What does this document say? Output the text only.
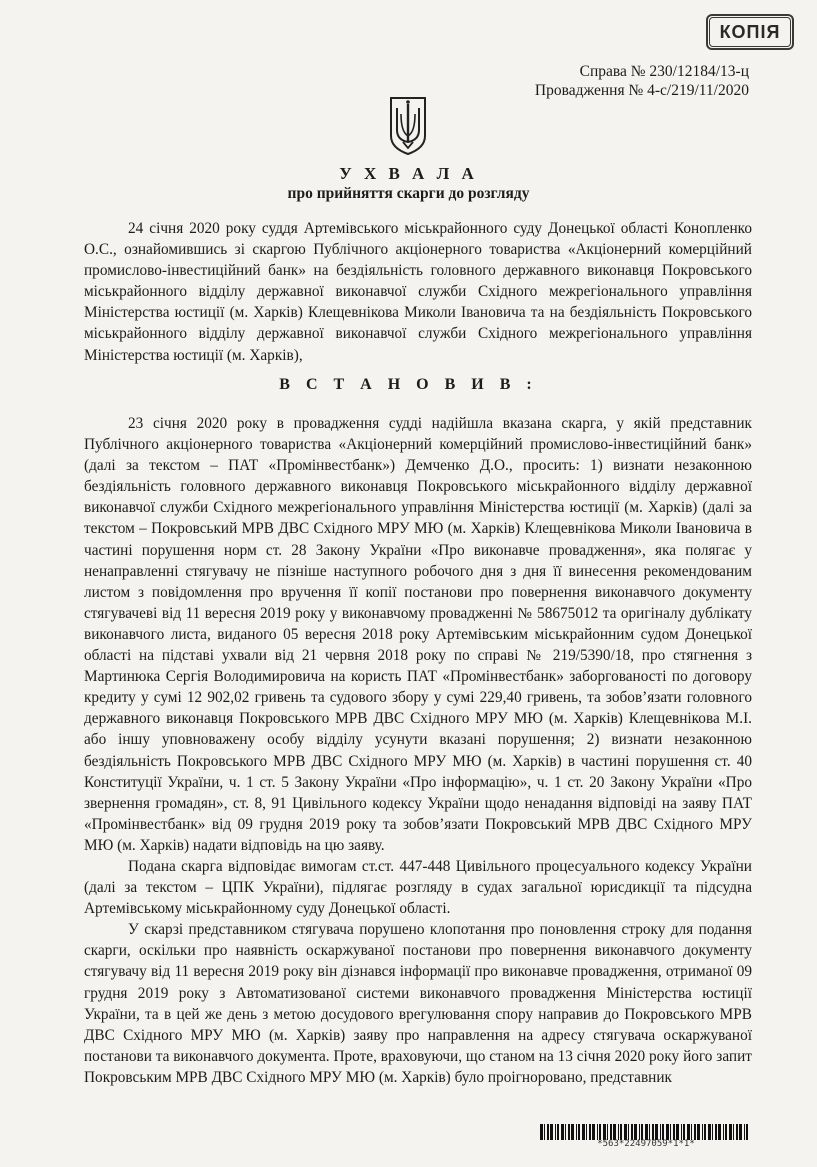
КОПІЯ
Справа № 230/12184/13-ц
Провадження № 4-с/219/11/2020
У Х В А Л А
про прийняття скарги до розгляду

24 січня 2020 року суддя Артемівського міськрайонного суду Донецької області Конопленко О.С., ознайомившись зі скаргою Публічного акціонерного товариства «Акціонерний комерційний промислово-інвестиційний банк» на бездіяльність головного державного виконавця Покровського міськрайонного відділу державної виконавчої служби Східного межрегіонального управління Міністерства юстиції (м. Харків) Клещевнікова Миколи Івановича та на бездіяльність Покровського міськрайонного відділу державної виконавчої служби Східного межрегіонального управління Міністерства юстиції (м. Харків),

В С Т А Н О В И В :

23 січня 2020 року в провадження судді надійшла вказана скарга, у якій представник Публічного акціонерного товариства «Акціонерний комерційний промислово-інвестиційний банк» (далі за текстом – ПАТ «Промінвестбанк») Демченко Д.О., просить: 1) визнати незаконною бездіяльність головного державного виконавця Покровського міськрайонного відділу державної виконавчої служби Східного межрегіонального управління Міністерства юстиції (м. Харків) (далі за текстом – Покровський МРВ ДВС Східного МРУ МЮ (м. Харків) Клещевнікова Миколи Івановича в частині порушення норм ст. 28 Закону України «Про виконавче провадження», яка полягає у ненаправленні стягувачу не пізніше наступного робочого дня з дня її винесення рекомендованим листом з повідомлення про вручення її копії постанови про повернення виконавчого документу стягувачеві від 11 вересня 2019 року у виконавчому провадженні № 58675012 та оригіналу дублікату виконавчого листа, виданого 05 вересня 2018 року Артемівським міськрайонним судом Донецької області на підставі ухвали від 21 червня 2018 року по справі № 219/5390/18, про стягнення з Мартинюка Сергія Володимировича на користь ПАТ «Промінвестбанк» заборгованості по договору кредиту у сумі 12 902,02 гривень та судового збору у сумі 229,40 гривень, та зобов’язати головного державного виконавця Покровського МРВ ДВС Східного МРУ МЮ (м. Харків) Клещевнікова М.І. або іншу уповноважену особу відділу усунути вказані порушення; 2) визнати незаконною бездіяльність Покровського МРВ ДВС Східного МРУ МЮ (м. Харків) в частині порушення ст. 40 Конституції України, ч. 1 ст. 5 Закону України «Про інформацію», ч. 1 ст. 20 Закону України «Про звернення громадян», ст. 8, 91 Цивільного кодексу України щодо ненадання відповіді на заяву ПАТ «Промінвестбанк» від 09 грудня 2019 року та зобов’язати Покровський МРВ ДВС Східного МРУ МЮ (м. Харків) надати відповідь на цю заяву.

Подана скарга відповідає вимогам ст.ст. 447-448 Цивільного процесуального кодексу України (далі за текстом – ЦПК України), підлягає розгляду в судах загальної юрисдикції та підсудна Артемівському міськрайонному суду Донецької області.

У скарзі представником стягувача порушено клопотання про поновлення строку для подання скарги, оскільки про наявність оскаржуваної постанови про повернення виконавчого документу стягувачу від 11 вересня 2019 року він дізнався інформації про виконавче провадження, отриманої 09 грудня 2019 року з Автоматизованої системи виконавчого провадження Міністерства юстиції України, та в цей же день з метою досудового врегулювання спору направив до Покровського МРВ ДВС Східного МРУ МЮ (м. Харків) заяву про направлення на адресу стягувача оскаржуваної постанови та виконавчого документа. Проте, враховуючи, що станом на 13 січня 2020 року його запит Покровським МРВ ДВС Східного МРУ МЮ (м. Харків) було проігноровано, представник

*563*22497059*1*1*
